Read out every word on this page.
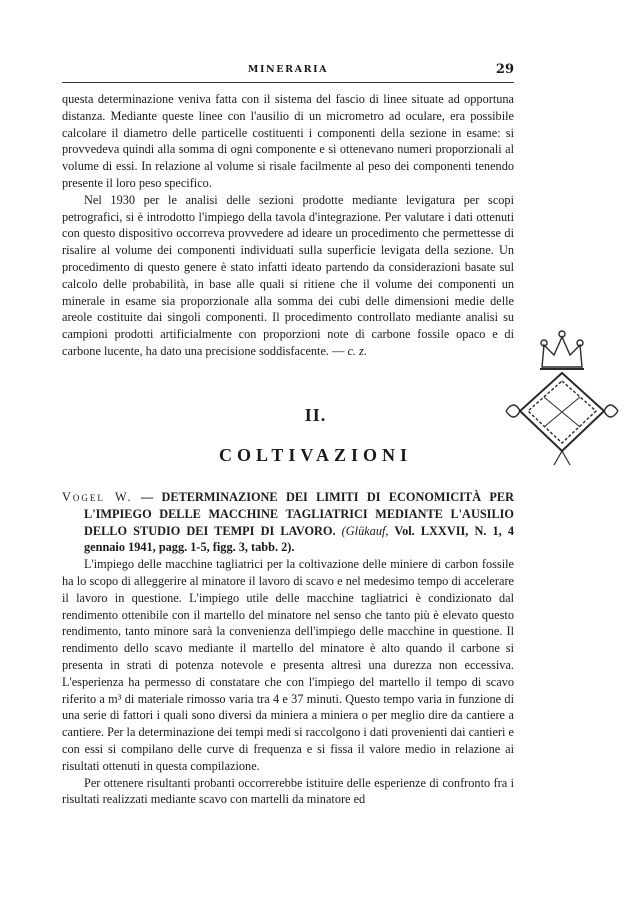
MINERARIA	29

questa determinazione veniva fatta con il sistema del fascio di linee situate ad opportuna distanza. Mediante queste linee con l'ausilio di un micrometro ad oculare, era possibile calcolare il diametro delle particelle costituenti i componenti della sezione in esame: si provvedeva quindi alla somma di ogni componente e si ottenevano numeri proporzionali al volume di essi. In relazione al volume si risale facilmente al peso dei componenti tenendo presente il loro peso specifico.

Nel 1930 per le analisi delle sezioni prodotte mediante levigatura per scopi petrografici, si è introdotto l'impiego della tavola d'integrazione. Per valutare i dati ottenuti con questo dispositivo occorreva provvedere ad ideare un procedimento che permettesse di risalire al volume dei componenti individuati sulla superficie levigata della sezione. Un procedimento di questo genere è stato infatti ideato partendo da considerazioni basate sul calcolo delle probabilità, in base alle quali si ritiene che il volume dei componenti un minerale in esame sia proporzionale alla somma dei cubi delle dimensioni medie delle areole costituite dai singoli componenti. Il procedimento controllato mediante analisi su campioni prodotti artificialmente con proporzioni note di carbone fossile opaco e di carbone lucente, ha dato una precisione soddisfacente. — c. z.

II.
COLTIVAZIONI

Vogel W. — DETERMINAZIONE DEI LIMITI DI ECONOMICITÀ PER L'IMPIEGO DELLE MACCHINE TAGLIATRICI MEDIANTE L'AUSILIO DELLO STUDIO DEI TEMPI DI LAVORO. (Glükauf, Vol. LXXVII, N. 1, 4 gennaio 1941, pagg. 1-5, figg. 3, tabb. 2).

L'impiego delle macchine tagliatrici per la coltivazione delle miniere di carbon fossile ha lo scopo di alleggerire al minatore il lavoro di scavo e nel medesimo tempo di accelerare il lavoro in questione. L'impiego utile delle macchine tagliatrici è condizionato dal rendimento ottenibile con il martello del minatore nel senso che tanto più è elevato questo rendimento, tanto minore sarà la convenienza dell'impiego delle macchine in questione. Il rendimento dello scavo mediante il martello del minatore è alto quando il carbone si presenta in strati di potenza notevole e presenta altresì una durezza non eccessiva. L'esperienza ha permesso di constatare che con l'impiego del martello il tempo di scavo riferito a m³ di materiale rimosso varia tra 4 e 37 minuti. Questo tempo varia in funzione di una serie di fattori i quali sono diversi da miniera a miniera o per meglio dire da cantiere a cantiere. Per la determinazione dei tempi medi si raccolgono i dati provenienti dai cantieri e con essi si compilano delle curve di frequenza e si fissa il valore medio in relazione ai risultati ottenuti in questa compilazione.

Per ottenere risultanti probanti occorrerebbe istituire delle esperienze di confronto fra i risultati realizzati mediante scavo con martelli da minatore ed
